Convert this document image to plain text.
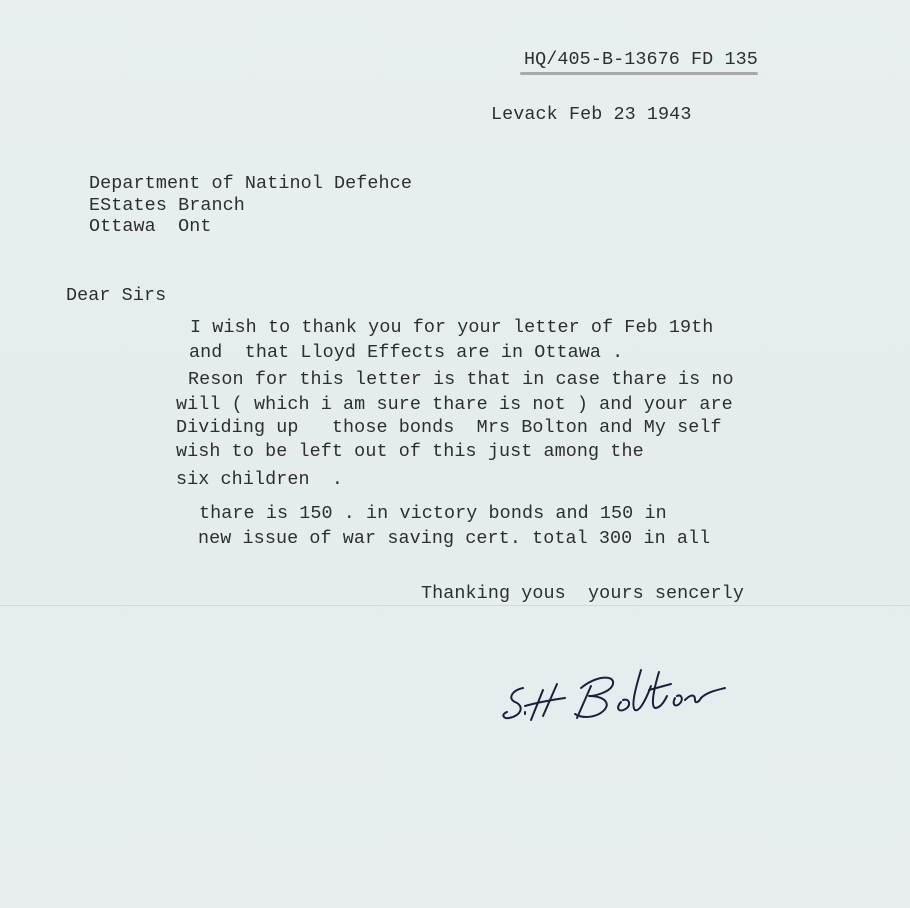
HQ/405-B-13676 FD 135
Levack Feb 23 1943
Department of Natinol Defehce
EStates Branch
Ottawa  Ont
Dear Sirs
I wish to thank you for your letter of Feb 19th
and  that Lloyd Effects are in Ottawa .
Reson for this letter is that in case thare is no
will ( which i am sure thare is not ) and your are
Dividing up   those bonds  Mrs Bolton and My self
wish to be left out of this just among the
six children  .
thare is 150 . in victory bonds and 150 in
new issue of war saving cert. total 300 in all
Thanking yous  yours sencerly
